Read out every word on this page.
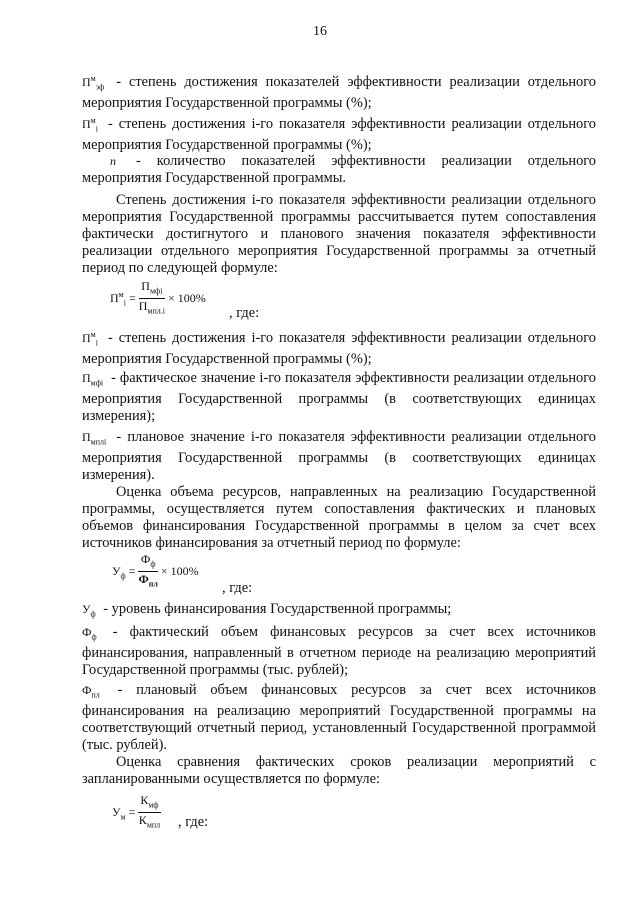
16

$П^м_{эф}$ - степень достижения показателей эффективности реализации отдельного мероприятия Государственной программы (%);

$П^м_i$ - степень достижения i-го показателя эффективности реализации отдельного мероприятия Государственной программы (%);

n - количество показателей эффективности реализации отдельного мероприятия Государственной программы.

Степень достижения i-го показателя эффективности реализации отдельного мероприятия Государственной программы рассчитывается путем сопоставления фактически достигнутого и планового значения показателя эффективности реализации отдельного мероприятия Государственной программы за отчетный период по следующей формуле:

$П^м_i = \frac{П_{мфi}}{П_{мпл.i}} \times 100\%$
, где:

$П^м_i$ - степень достижения i-го показателя эффективности реализации отдельного мероприятия Государственной программы (%);

$П_{мфi}$ - фактическое значение i-го показателя эффективности реализации отдельного мероприятия Государственной программы (в соответствующих единицах измерения);

$П_{мплi}$ - плановое значение i-го показателя эффективности реализации отдельного мероприятия Государственной программы (в соответствующих единицах измерения).

Оценка объема ресурсов, направленных на реализацию Государственной программы, осуществляется путем сопоставления фактических и плановых объемов финансирования Государственной программы в целом за счет всех источников финансирования за отчетный период по формуле:

$У_ф = \frac{Ф_ф}{Ф_{пл}} \times 100\%$
, где:

$У_ф$ - уровень финансирования Государственной программы;

$Ф_ф$ - фактический объем финансовых ресурсов за счет всех источников финансирования, направленный в отчетном периоде на реализацию мероприятий Государственной программы (тыс. рублей);

$Ф_{пл}$ - плановый объем финансовых ресурсов за счет всех источников финансирования на реализацию мероприятий Государственной программы на соответствующий отчетный период, установленный Государственной программой (тыс. рублей).

Оценка сравнения фактических сроков реализации мероприятий с запланированными осуществляется по формуле:

$У_м = \frac{К_{мф}}{К_{мпл}}$
, где:
